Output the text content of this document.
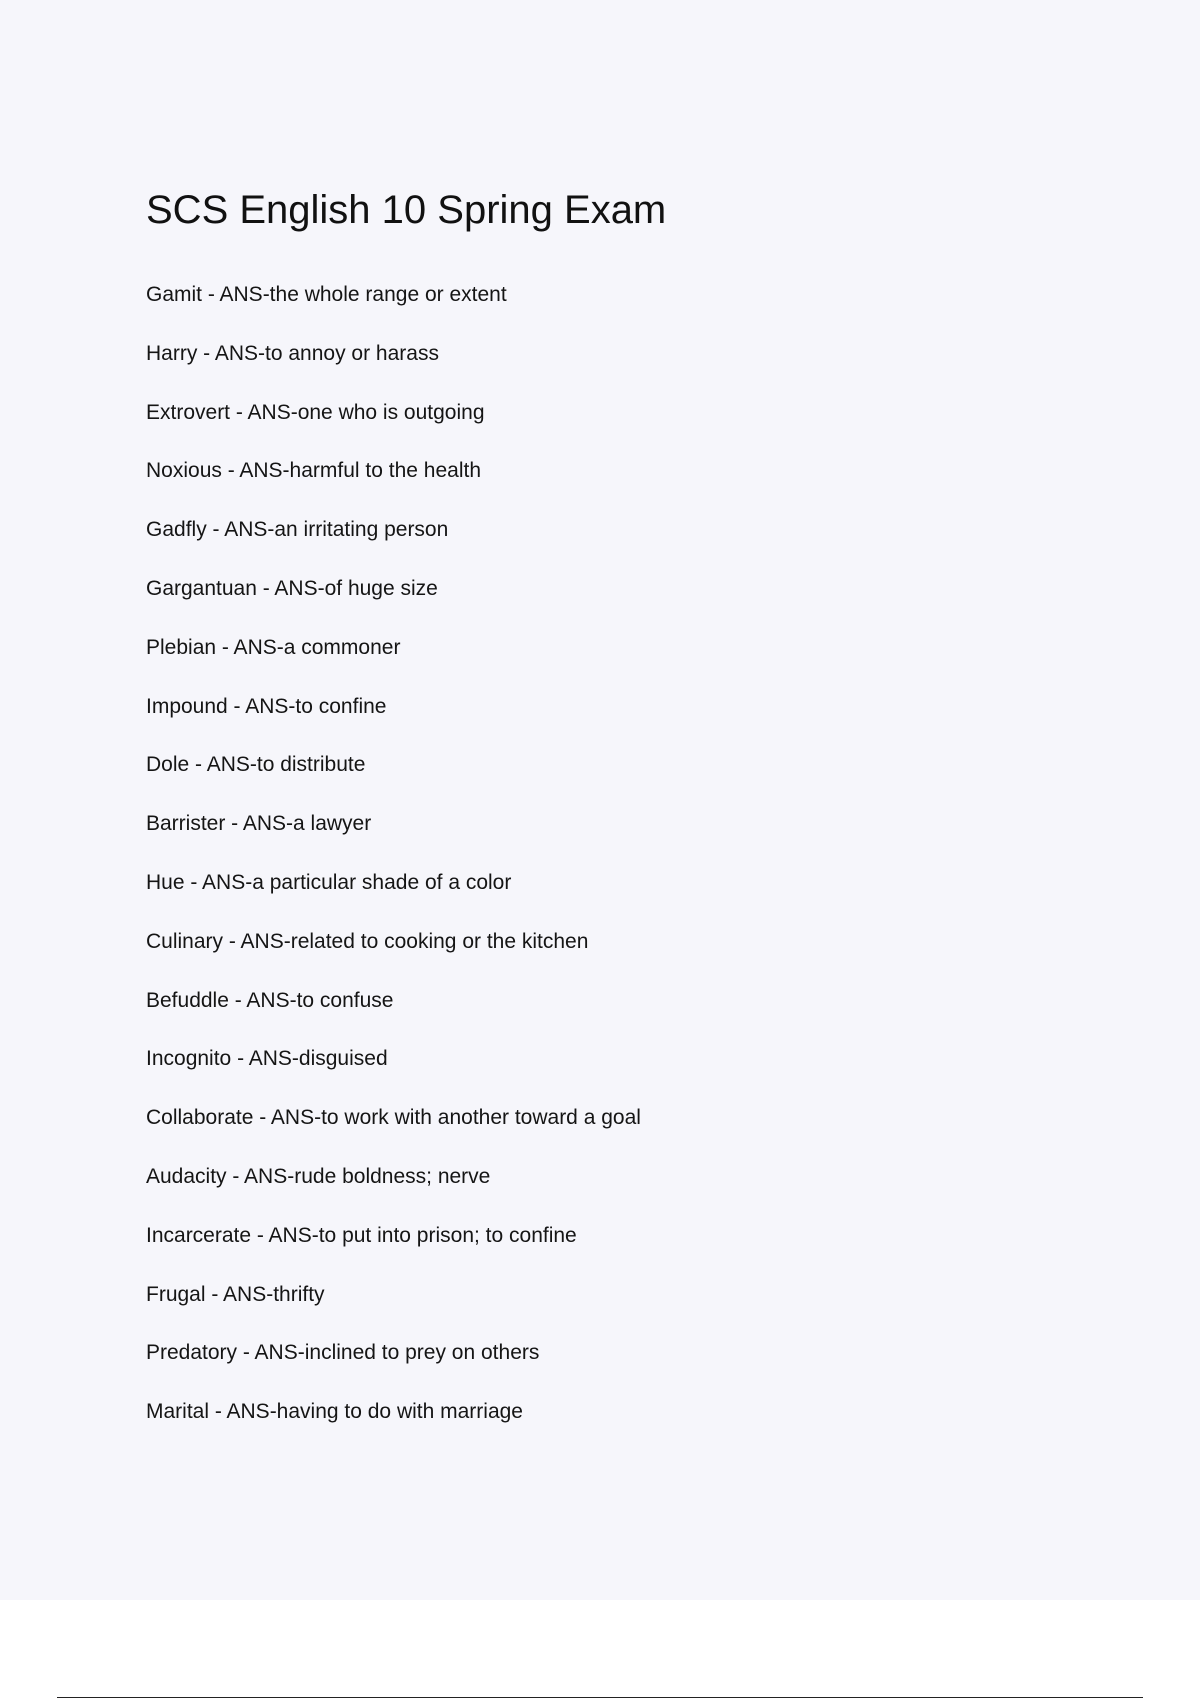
SCS English 10 Spring Exam
Gamit - ANS-the whole range or extent
Harry - ANS-to annoy or harass
Extrovert - ANS-one who is outgoing
Noxious - ANS-harmful to the health
Gadfly - ANS-an irritating person
Gargantuan - ANS-of huge size
Plebian - ANS-a commoner
Impound - ANS-to confine
Dole - ANS-to distribute
Barrister - ANS-a lawyer
Hue - ANS-a particular shade of a color
Culinary - ANS-related to cooking or the kitchen
Befuddle - ANS-to confuse
Incognito - ANS-disguised
Collaborate - ANS-to work with another toward a goal
Audacity - ANS-rude boldness; nerve
Incarcerate - ANS-to put into prison; to confine
Frugal - ANS-thrifty
Predatory - ANS-inclined to prey on others
Marital - ANS-having to do with marriage
